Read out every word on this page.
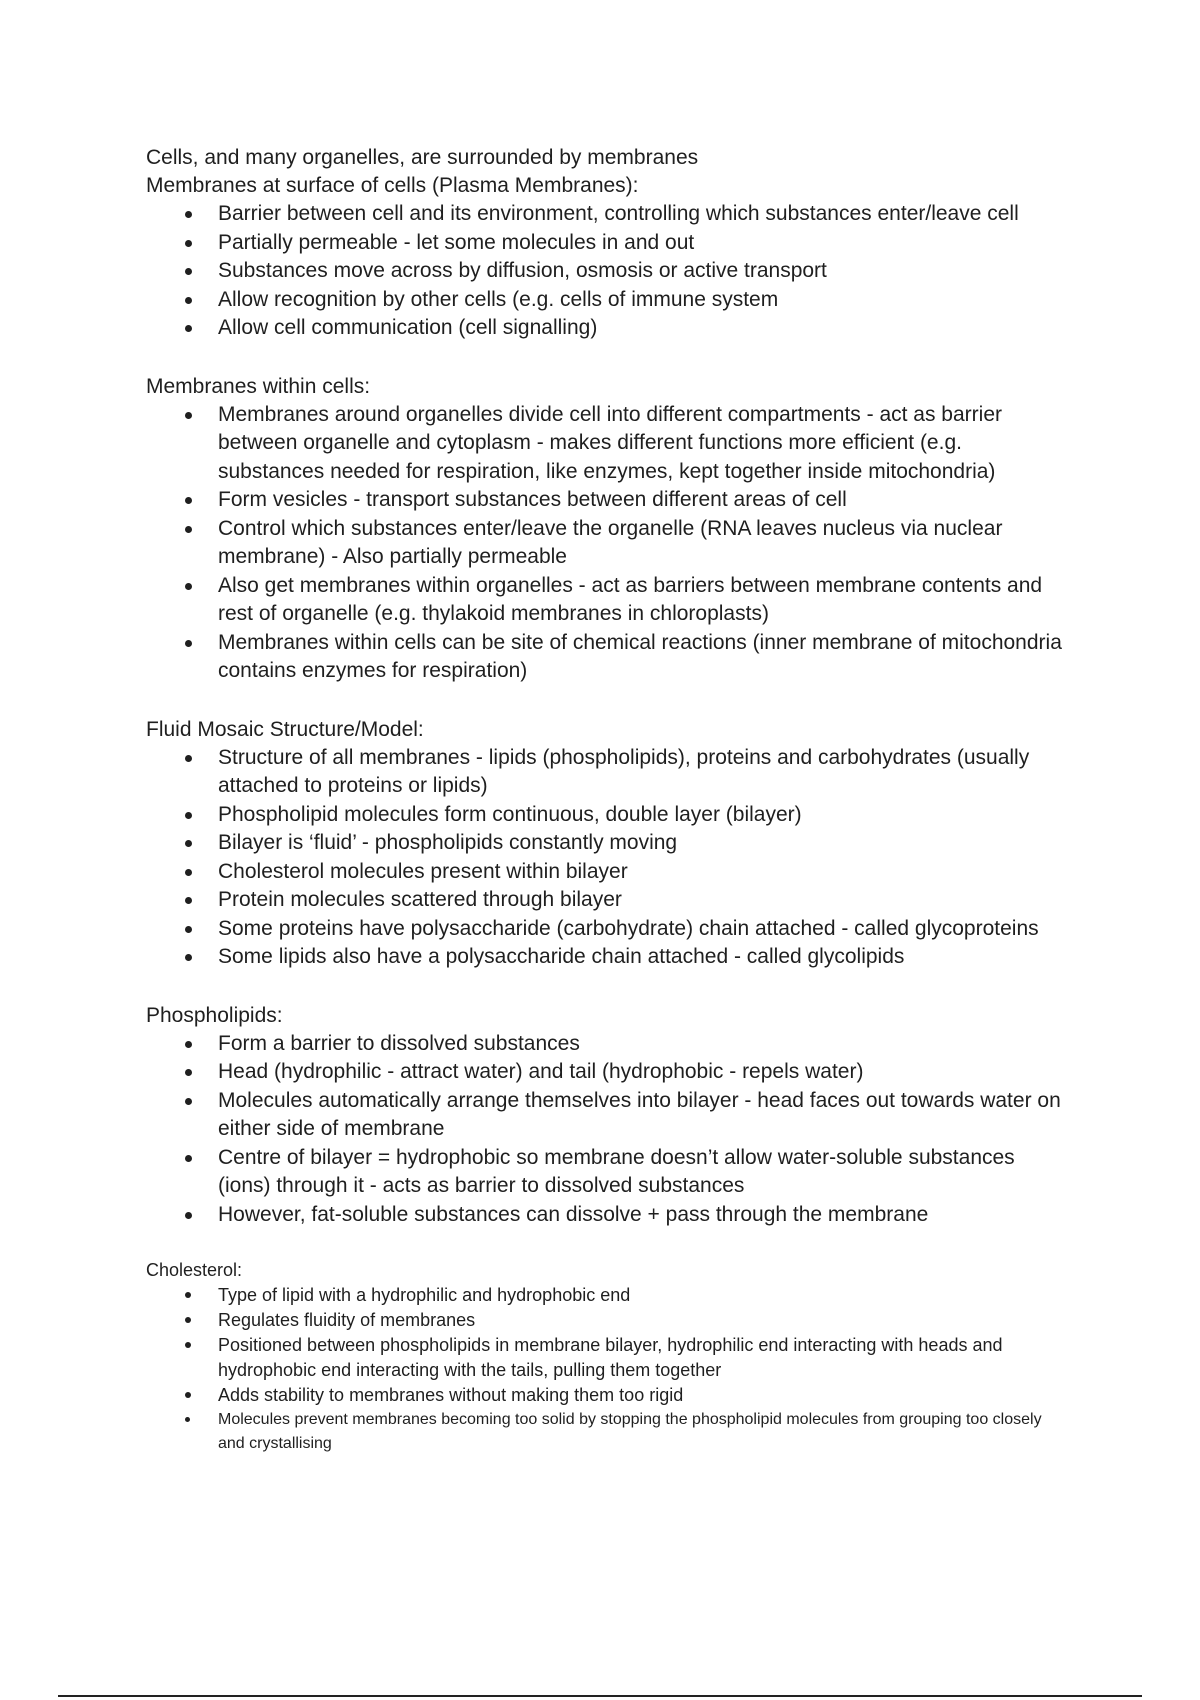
Cells, and many organelles, are surrounded by membranes

Membranes at surface of cells (Plasma Membranes):

Barrier between cell and its environment, controlling which substances enter/leave cell
Partially permeable - let some molecules in and out
Substances move across by diffusion, osmosis or active transport
Allow recognition by other cells (e.g. cells of immune system
Allow cell communication (cell signalling)

Membranes within cells:

Membranes around organelles divide cell into different compartments - act as barrier between organelle and cytoplasm - makes different functions more efficient (e.g. substances needed for respiration, like enzymes, kept together inside mitochondria)
Form vesicles - transport substances between different areas of cell
Control which substances enter/leave the organelle (RNA leaves nucleus via nuclear membrane) - Also partially permeable
Also get membranes within organelles - act as barriers between membrane contents and rest of organelle (e.g. thylakoid membranes in chloroplasts)
Membranes within cells can be site of chemical reactions (inner membrane of mitochondria contains enzymes for respiration)

Fluid Mosaic Structure/Model:

Structure of all membranes - lipids (phospholipids), proteins and carbohydrates (usually attached to proteins or lipids)
Phospholipid molecules form continuous, double layer (bilayer)
Bilayer is ‘fluid’ - phospholipids constantly moving
Cholesterol molecules present within bilayer
Protein molecules scattered through bilayer
Some proteins have polysaccharide (carbohydrate) chain attached - called glycoproteins
Some lipids also have a polysaccharide chain attached - called glycolipids

Phospholipids:

Form a barrier to dissolved substances
Head (hydrophilic - attract water) and tail (hydrophobic - repels water)
Molecules automatically arrange themselves into bilayer - head faces out towards water on either side of membrane
Centre of bilayer = hydrophobic so membrane doesn’t allow water-soluble substances (ions) through it - acts as barrier to dissolved substances
However, fat-soluble substances can dissolve + pass through the membrane

Cholesterol:

Type of lipid with a hydrophilic and hydrophobic end
Regulates fluidity of membranes
Positioned between phospholipids in membrane bilayer, hydrophilic end interacting with heads and hydrophobic end interacting with the tails, pulling them together
Adds stability to membranes without making them too rigid
Molecules prevent membranes becoming too solid by stopping the phospholipid molecules from grouping too closely and crystallising
